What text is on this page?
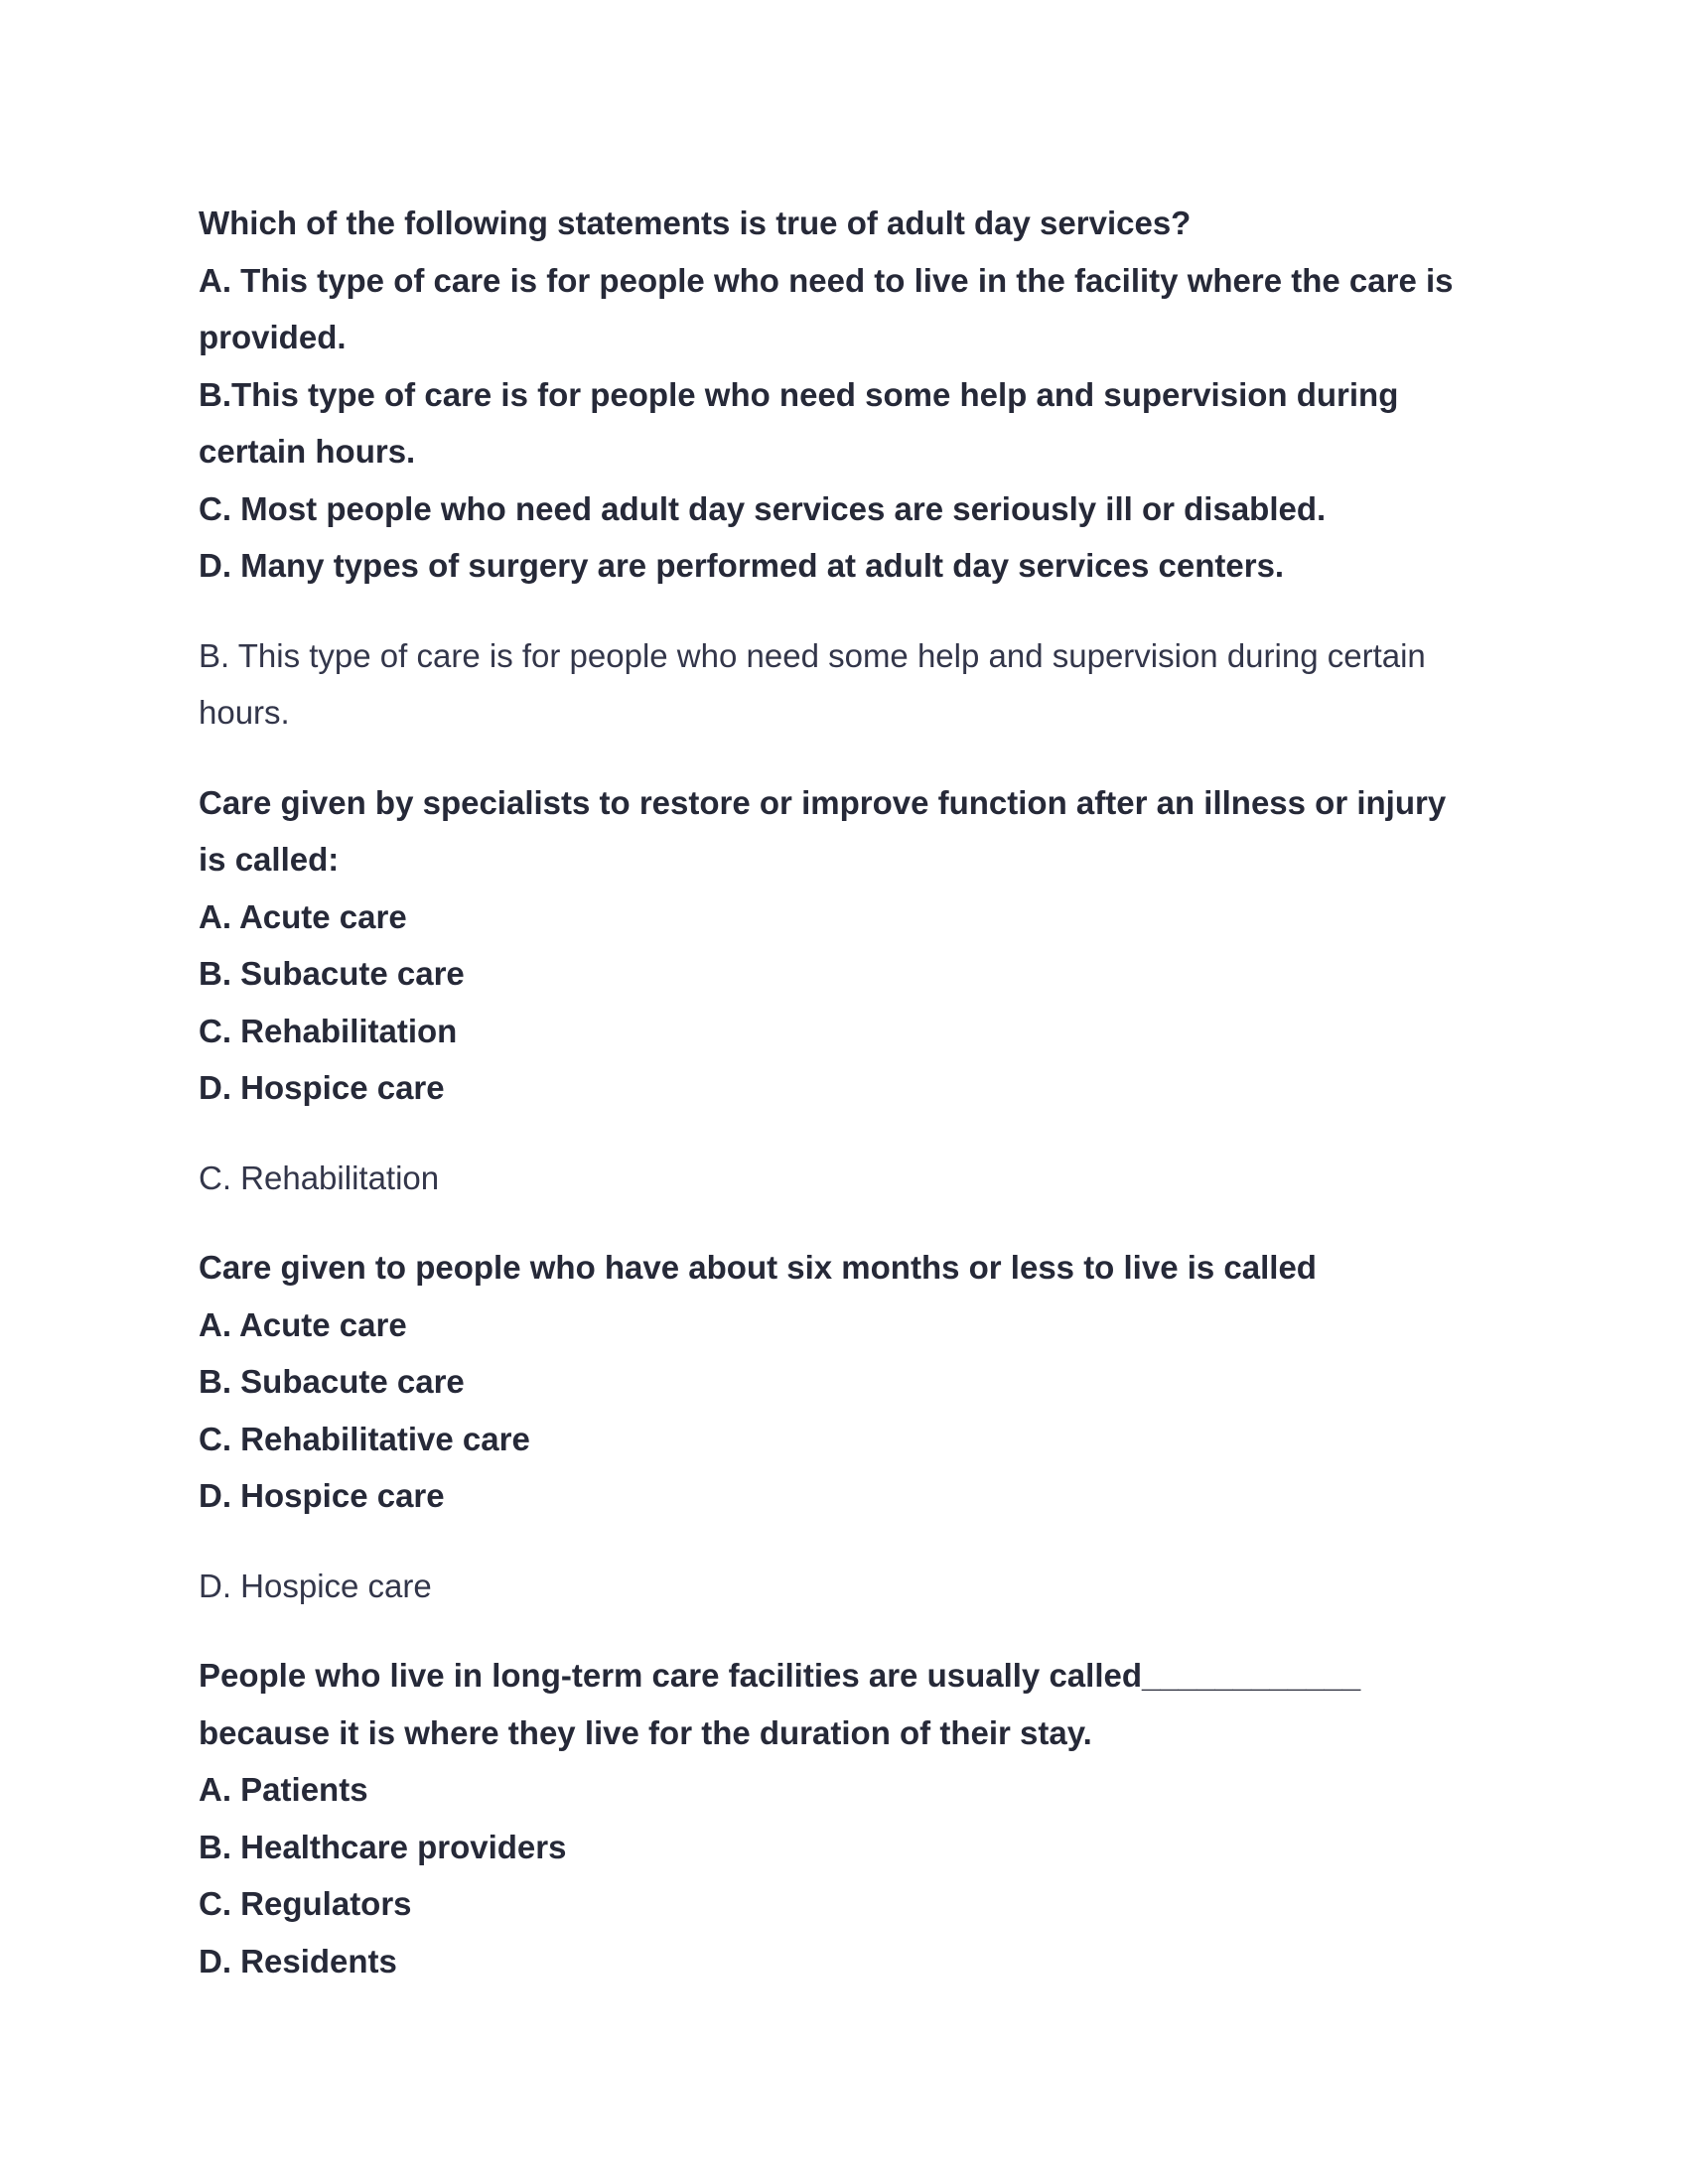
Which of the following statements is true of adult day services?

A. This type of care is for people who need to live in the facility where the care is

provided.

B.This type of care is for people who need some help and supervision during

certain hours.

C. Most people who need adult day services are seriously ill or disabled.

D. Many types of surgery are performed at adult day services centers.

B. This type of care is for people who need some help and supervision during certain

hours.

Care given by specialists to restore or improve function after an illness or injury

is called:

A. Acute care

B. Subacute care

C. Rehabilitation

D. Hospice care

C. Rehabilitation

Care given to people who have about six months or less to live is called

A. Acute care

B. Subacute care

C. Rehabilitative care

D. Hospice care

D. Hospice care

People who live in long-term care facilities are usually called____________

because it is where they live for the duration of their stay.

A. Patients

B. Healthcare providers

C. Regulators

D. Residents
